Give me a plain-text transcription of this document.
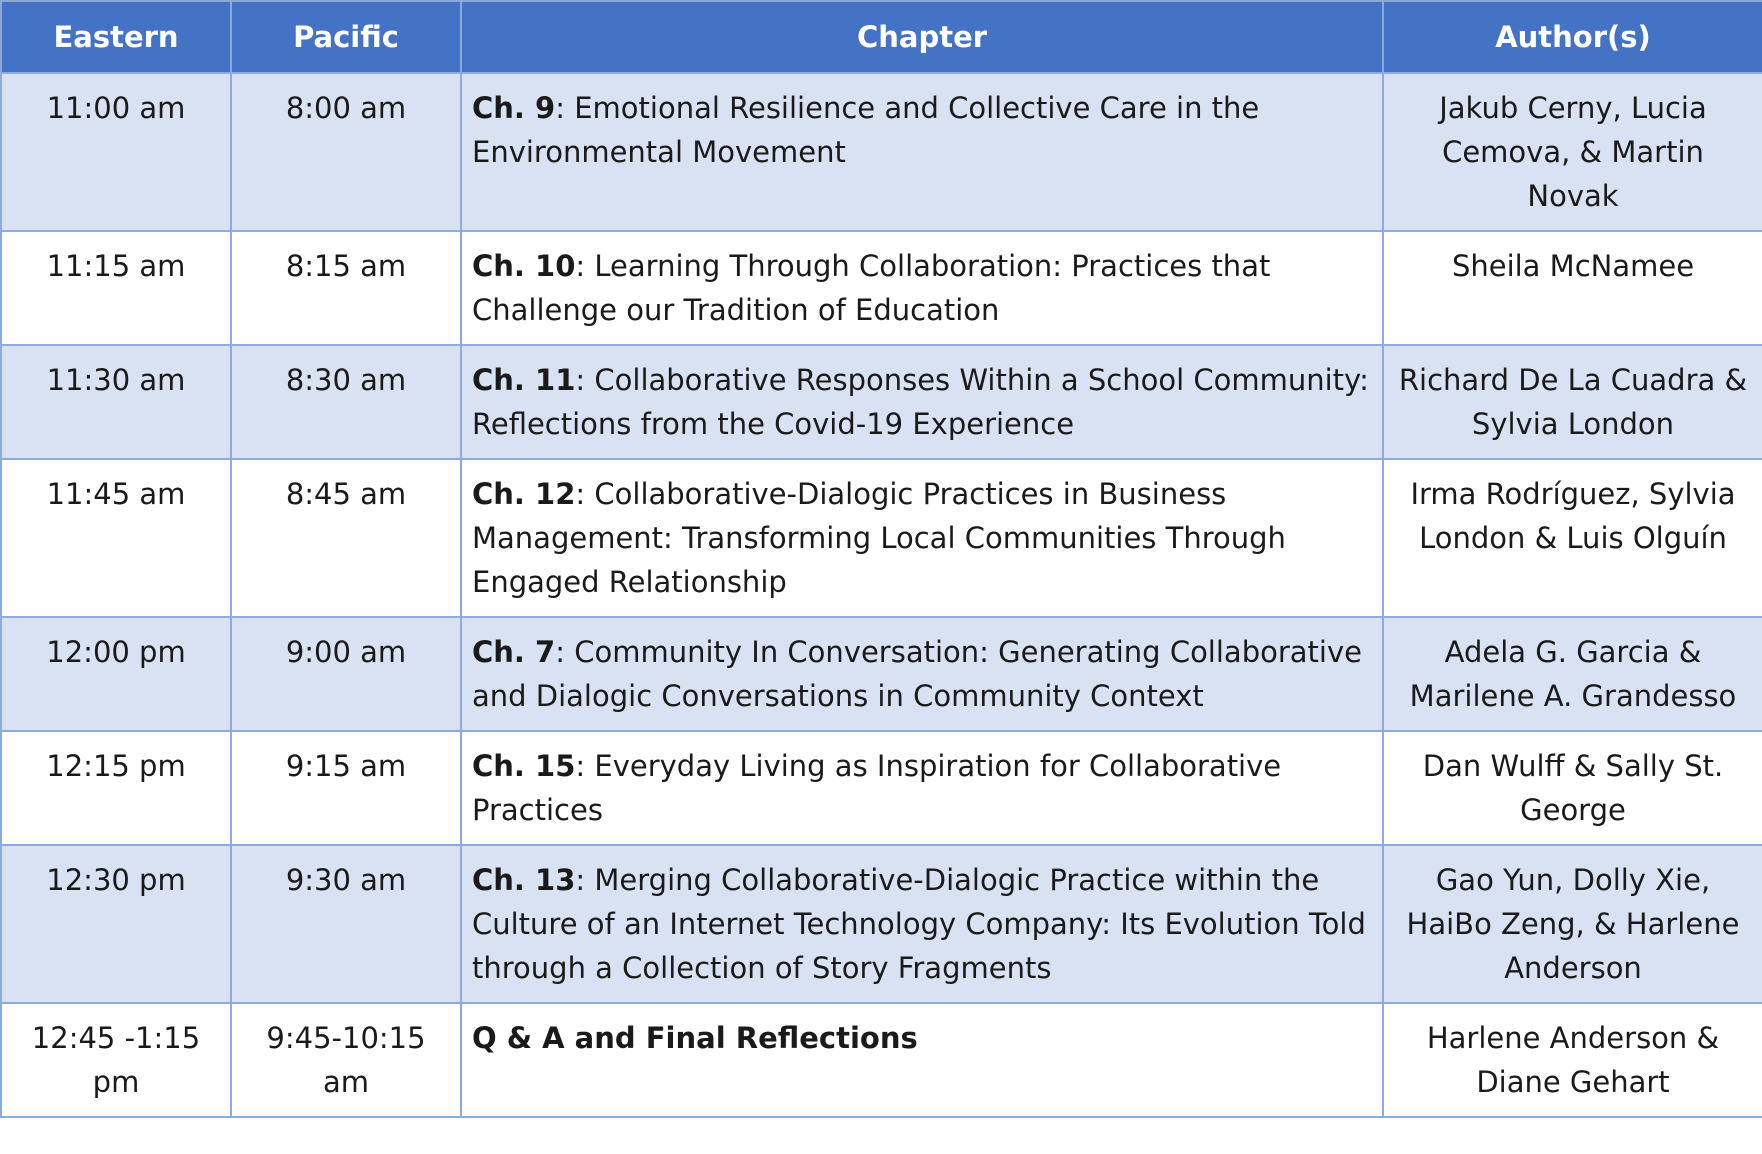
Eastern	Pacific	Chapter	Author(s)
11:00 am	8:00 am	Ch. 9: Emotional Resilience and Collective Care in the Environmental Movement	Jakub Cerny, Lucia Cemova, & Martin Novak
11:15 am	8:15 am	Ch. 10: Learning Through Collaboration: Practices that Challenge our Tradition of Education	Sheila McNamee
11:30 am	8:30 am	Ch. 11: Collaborative Responses Within a School Community: Reflections from the Covid-19 Experience	Richard De La Cuadra & Sylvia London
11:45 am	8:45 am	Ch. 12: Collaborative-Dialogic Practices in Business Management: Transforming Local Communities Through Engaged Relationship	Irma Rodríguez, Sylvia London & Luis Olguín
12:00 pm	9:00 am	Ch. 7: Community In Conversation: Generating Collaborative and Dialogic Conversations in Community Context	Adela G. Garcia & Marilene A. Grandesso
12:15 pm	9:15 am	Ch. 15: Everyday Living as Inspiration for Collaborative Practices	Dan Wulff & Sally St. George
12:30 pm	9:30 am	Ch. 13: Merging Collaborative-Dialogic Practice within the Culture of an Internet Technology Company: Its Evolution Told through a Collection of Story Fragments	Gao Yun, Dolly Xie, HaiBo Zeng, & Harlene Anderson
12:45 -1:15 pm	9:45-10:15 am	Q & A and Final Reflections	Harlene Anderson & Diane Gehart
